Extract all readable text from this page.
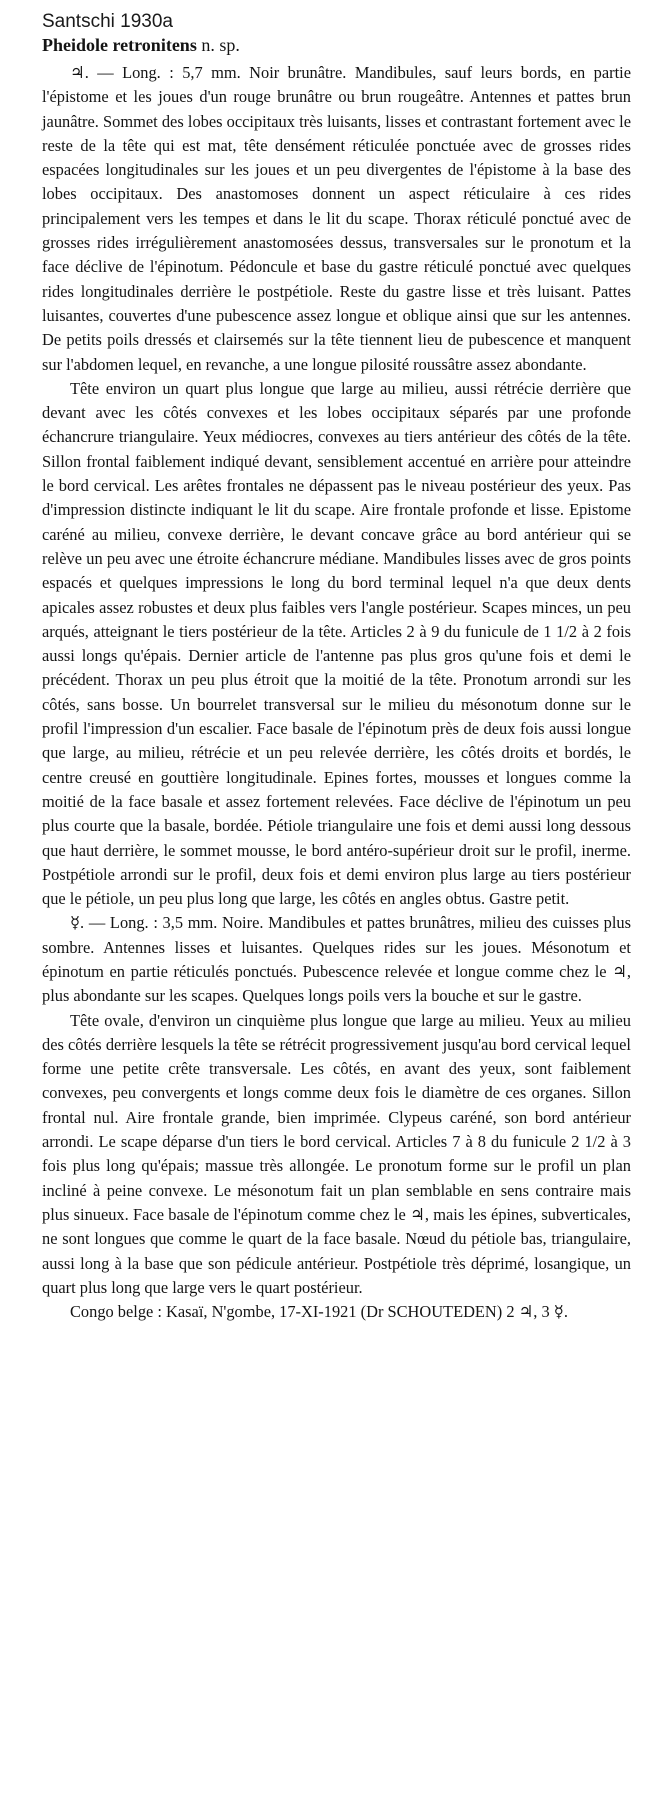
Santschi 1930a

Pheidole retronitens n. sp.

♃. — Long. : 5,7 mm. Noir brunâtre. Mandibules, sauf leurs bords, en partie l'épistome et les joues d'un rouge brunâtre ou brun rougeâtre. Antennes et pattes brun jaunâtre. Sommet des lobes occipitaux très luisants, lisses et contrastant fortement avec le reste de la tête qui est mat, tête densément réticulée ponctuée avec de grosses rides espacées longitudinales sur les joues et un peu divergentes de l'épistome à la base des lobes occipitaux. Des anastomoses donnent un aspect réticulaire à ces rides principalement vers les tempes et dans le lit du scape. Thorax réticulé ponctué avec de grosses rides irrégulièrement anastomosées dessus, transversales sur le pronotum et la face déclive de l'épinotum. Pédoncule et base du gastre réticulé ponctué avec quelques rides longitudinales derrière le postpétiole. Reste du gastre lisse et très luisant. Pattes luisantes, couvertes d'une pubescence assez longue et oblique ainsi que sur les antennes. De petits poils dressés et clairsemés sur la tête tiennent lieu de pubescence et manquent sur l'abdomen lequel, en revanche, a une longue pilosité roussâtre assez abondante.

Tête environ un quart plus longue que large au milieu, aussi rétrécie derrière que devant avec les côtés convexes et les lobes occipitaux séparés par une profonde échancrure triangulaire. Yeux médiocres, convexes au tiers antérieur des côtés de la tête. Sillon frontal faiblement indiqué devant, sensiblement accentué en arrière pour atteindre le bord cervical. Les arêtes frontales ne dépassent pas le niveau postérieur des yeux. Pas d'impression distincte indiquant le lit du scape. Aire frontale profonde et lisse. Epistome caréné au milieu, convexe derrière, le devant concave grâce au bord antérieur qui se relève un peu avec une étroite échancrure médiane. Mandibules lisses avec de gros points espacés et quelques impressions le long du bord terminal lequel n'a que deux dents apicales assez robustes et deux plus faibles vers l'angle postérieur. Scapes minces, un peu arqués, atteignant le tiers postérieur de la tête. Articles 2 à 9 du funicule de 1 1/2 à 2 fois aussi longs qu'épais. Dernier article de l'antenne pas plus gros qu'une fois et demi le précédent. Thorax un peu plus étroit que la moitié de la tête. Pronotum arrondi sur les côtés, sans bosse. Un bourrelet transversal sur le milieu du mésonotum donne sur le profil l'impression d'un escalier. Face basale de l'épinotum près de deux fois aussi longue que large, au milieu, rétrécie et un peu relevée derrière, les côtés droits et bordés, le centre creusé en gouttière longitudinale. Epines fortes, mousses et longues comme la moitié de la face basale et assez fortement relevées. Face déclive de l'épinotum un peu plus courte que la basale, bordée. Pétiole triangulaire une fois et demi aussi long dessous que haut derrière, le sommet mousse, le bord antéro-supérieur droit sur le profil, inerme. Postpétiole arrondi sur le profil, deux fois et demi environ plus large au tiers postérieur que le pétiole, un peu plus long que large, les côtés en angles obtus. Gastre petit.

☿. — Long. : 3,5 mm. Noire. Mandibules et pattes brunâtres, milieu des cuisses plus sombre. Antennes lisses et luisantes. Quelques rides sur les joues. Mésonotum et épinotum en partie réticulés ponctués. Pubescence relevée et longue comme chez le ♃, plus abondante sur les scapes. Quelques longs poils vers la bouche et sur le gastre.

Tête ovale, d'environ un cinquième plus longue que large au milieu. Yeux au milieu des côtés derrière lesquels la tête se rétrécit progressivement jusqu'au bord cervical lequel forme une petite crête transversale. Les côtés, en avant des yeux, sont faiblement convexes, peu convergents et longs comme deux fois le diamètre de ces organes. Sillon frontal nul. Aire frontale grande, bien imprimée. Clypeus caréné, son bord antérieur arrondi. Le scape déparse d'un tiers le bord cervical. Articles 7 à 8 du funicule 2 1/2 à 3 fois plus long qu'épais; massue très allongée. Le pronotum forme sur le profil un plan incliné à peine convexe. Le mésonotum fait un plan semblable en sens contraire mais plus sinueux. Face basale de l'épinotum comme chez le ♃, mais les épines, subverticales, ne sont longues que comme le quart de la face basale. Nœud du pétiole bas, triangulaire, aussi long à la base que son pédicule antérieur. Postpétiole très déprimé, losangique, un quart plus long que large vers le quart postérieur.

Congo belge : Kasaï, N'gombe, 17-XI-1921 (Dr SCHOUTEDEN) 2 ♃, 3 ☿.
